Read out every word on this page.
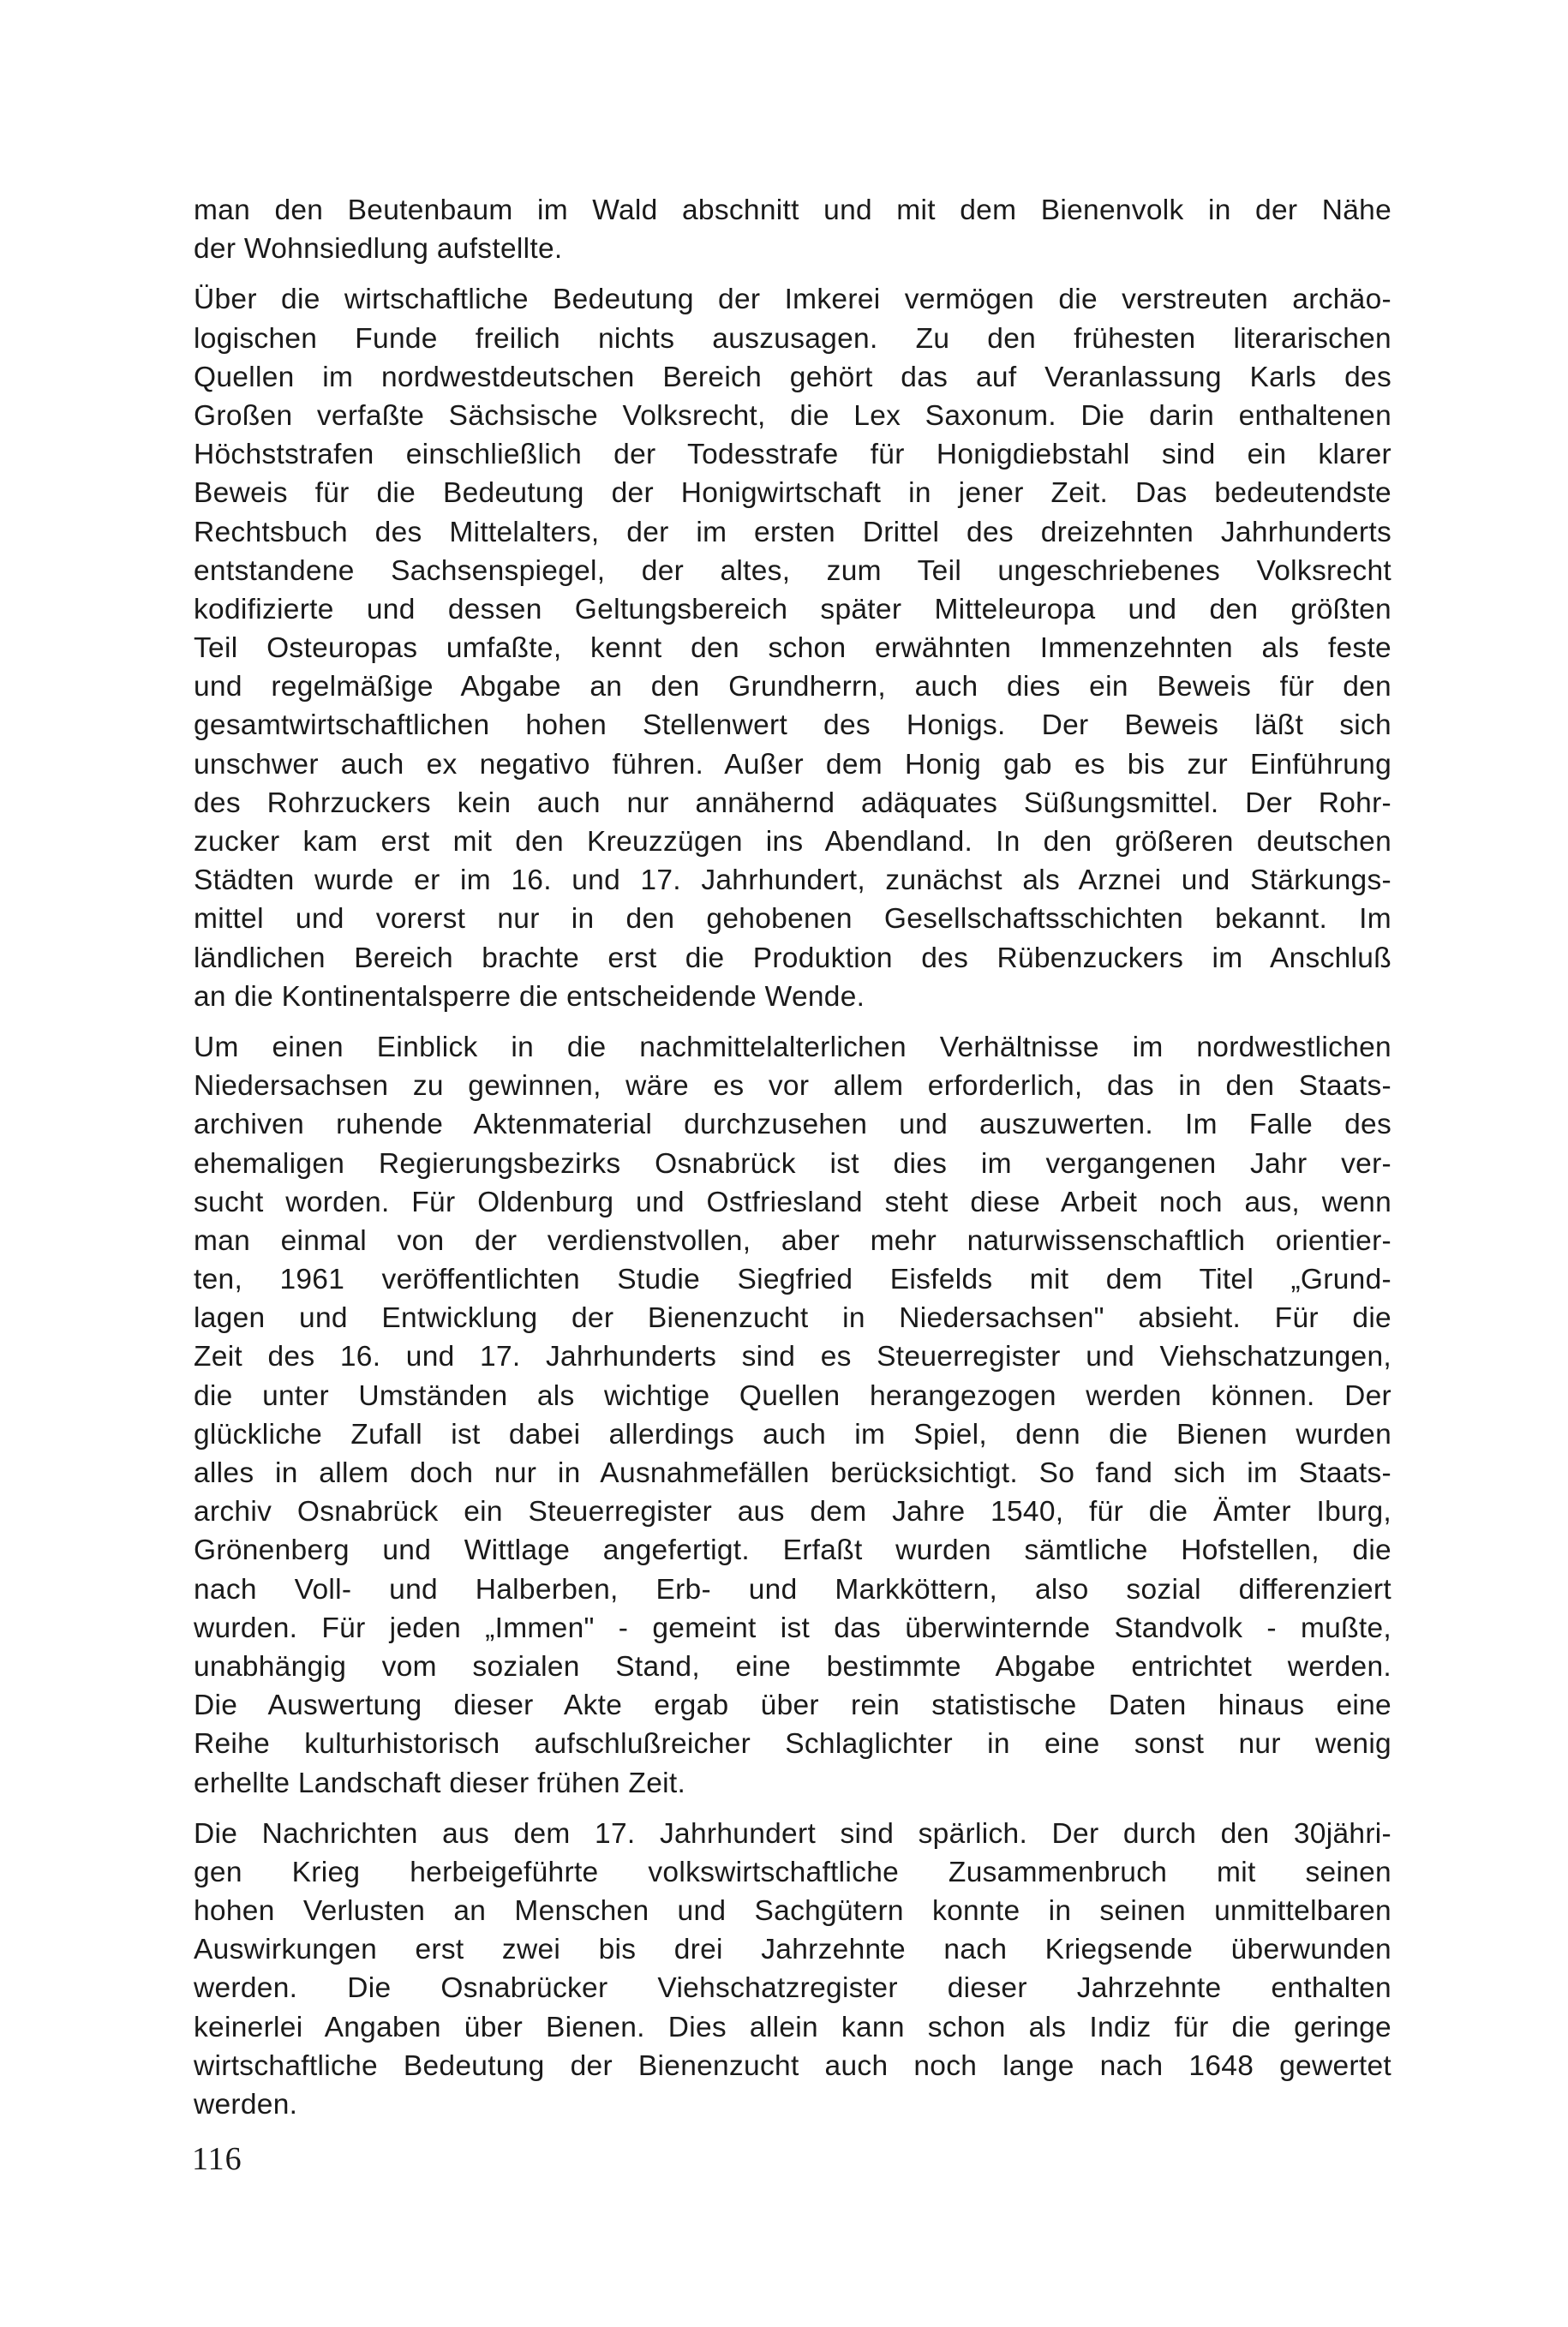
man den Beutenbaum im Wald abschnitt und mit dem Bienenvolk in der Nähe
der Wohnsiedlung aufstellte.
Über die wirtschaftliche Bedeutung der Imkerei vermögen die verstreuten archäo-
logischen Funde freilich nichts auszusagen. Zu den frühesten literarischen
Quellen im nordwestdeutschen Bereich gehört das auf Veranlassung Karls des
Großen verfaßte Sächsische Volksrecht, die Lex Saxonum. Die darin enthaltenen
Höchststrafen einschließlich der Todesstrafe für Honigdiebstahl sind ein klarer
Beweis für die Bedeutung der Honigwirtschaft in jener Zeit. Das bedeutendste
Rechtsbuch des Mittelalters, der im ersten Drittel des dreizehnten Jahrhunderts
entstandene Sachsenspiegel, der altes, zum Teil ungeschriebenes Volksrecht
kodifizierte und dessen Geltungsbereich später Mitteleuropa und den größten
Teil Osteuropas umfaßte, kennt den schon erwähnten Immenzehnten als feste
und regelmäßige Abgabe an den Grundherrn, auch dies ein Beweis für den
gesamtwirtschaftlichen hohen Stellenwert des Honigs. Der Beweis läßt sich
unschwer auch ex negativo führen. Außer dem Honig gab es bis zur Einführung
des Rohrzuckers kein auch nur annähernd adäquates Süßungsmittel. Der Rohr-
zucker kam erst mit den Kreuzzügen ins Abendland. In den größeren deutschen
Städten wurde er im 16. und 17. Jahrhundert, zunächst als Arznei und Stärkungs-
mittel und vorerst nur in den gehobenen Gesellschaftsschichten bekannt. Im
ländlichen Bereich brachte erst die Produktion des Rübenzuckers im Anschluß
an die Kontinentalsperre die entscheidende Wende.
Um einen Einblick in die nachmittelalterlichen Verhältnisse im nordwestlichen
Niedersachsen zu gewinnen, wäre es vor allem erforderlich, das in den Staats-
archiven ruhende Aktenmaterial durchzusehen und auszuwerten. Im Falle des
ehemaligen Regierungsbezirks Osnabrück ist dies im vergangenen Jahr ver-
sucht worden. Für Oldenburg und Ostfriesland steht diese Arbeit noch aus, wenn
man einmal von der verdienstvollen, aber mehr naturwissenschaftlich orientier-
ten, 1961 veröffentlichten Studie Siegfried Eisfelds mit dem Titel „Grund-
lagen und Entwicklung der Bienenzucht in Niedersachsen" absieht. Für die
Zeit des 16. und 17. Jahrhunderts sind es Steuerregister und Viehschatzungen,
die unter Umständen als wichtige Quellen herangezogen werden können. Der
glückliche Zufall ist dabei allerdings auch im Spiel, denn die Bienen wurden
alles in allem doch nur in Ausnahmefällen berücksichtigt. So fand sich im Staats-
archiv Osnabrück ein Steuerregister aus dem Jahre 1540, für die Ämter Iburg,
Grönenberg und Wittlage angefertigt. Erfaßt wurden sämtliche Hofstellen, die
nach Voll- und Halberben, Erb- und Markköttern, also sozial differenziert
wurden. Für jeden „Immen" - gemeint ist das überwinternde Standvolk - mußte,
unabhängig vom sozialen Stand, eine bestimmte Abgabe entrichtet werden.
Die Auswertung dieser Akte ergab über rein statistische Daten hinaus eine
Reihe kulturhistorisch aufschlußreicher Schlaglichter in eine sonst nur wenig
erhellte Landschaft dieser frühen Zeit.
Die Nachrichten aus dem 17. Jahrhundert sind spärlich. Der durch den 30jähri-
gen Krieg herbeigeführte volkswirtschaftliche Zusammenbruch mit seinen
hohen Verlusten an Menschen und Sachgütern konnte in seinen unmittelbaren
Auswirkungen erst zwei bis drei Jahrzehnte nach Kriegsende überwunden
werden. Die Osnabrücker Viehschatzregister dieser Jahrzehnte enthalten
keinerlei Angaben über Bienen. Dies allein kann schon als Indiz für die geringe
wirtschaftliche Bedeutung der Bienenzucht auch noch lange nach 1648 gewertet
werden.
116
